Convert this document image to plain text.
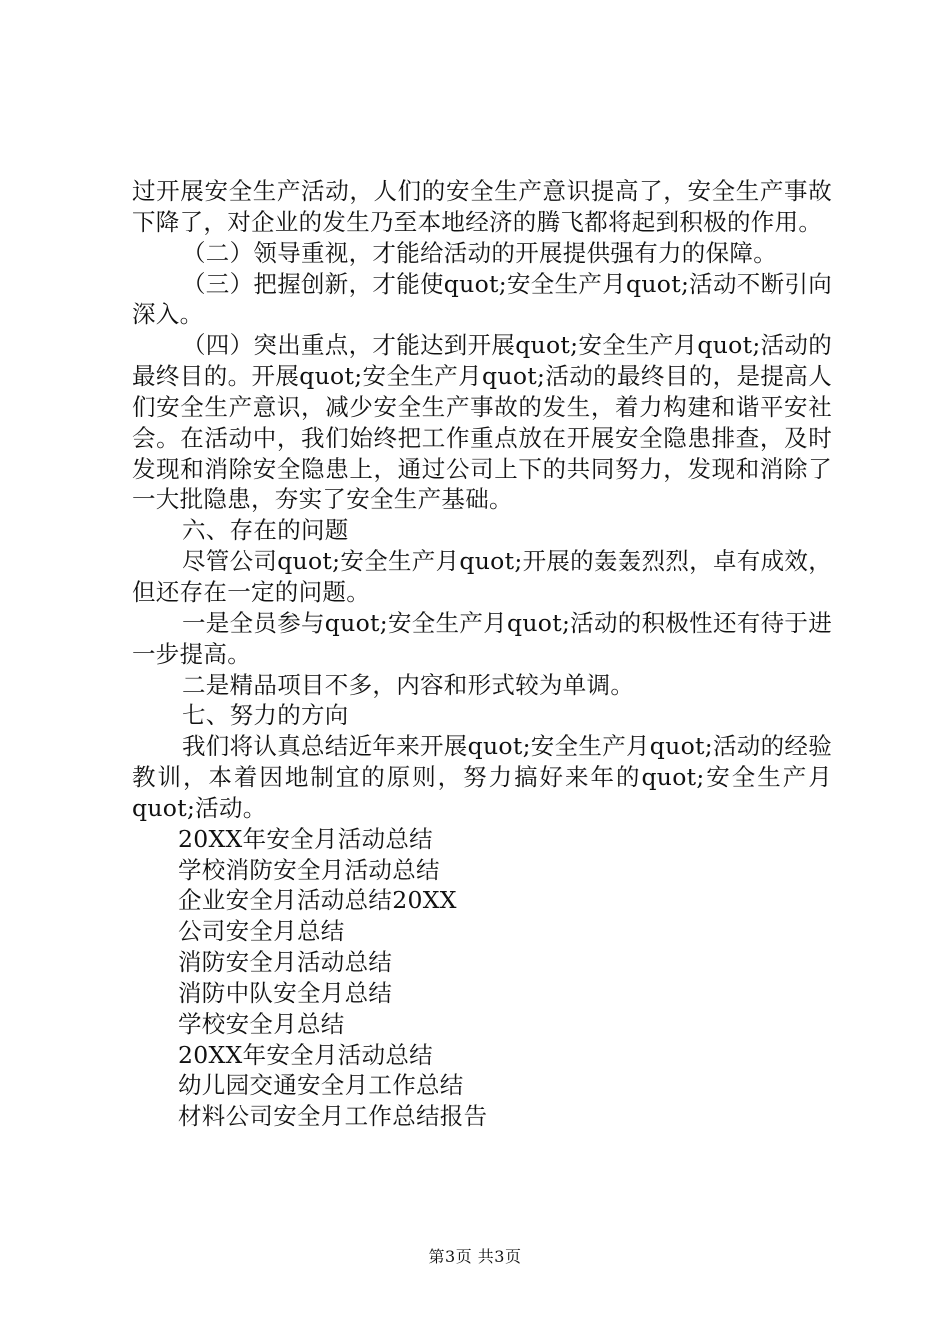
过开展安全生产活动，人们的安全生产意识提高了，安全生产事故下降了，对企业的发生乃至本地经济的腾飞都将起到积极的作用。

（二）领导重视，才能给活动的开展提供强有力的保障。

（三）把握创新，才能使quot;安全生产月quot;活动不断引向深入。

（四）突出重点，才能达到开展quot;安全生产月quot;活动的最终目的。开展quot;安全生产月quot;活动的最终目的，是提高人们安全生产意识，减少安全生产事故的发生，着力构建和谐平安社会。在活动中，我们始终把工作重点放在开展安全隐患排查，及时发现和消除安全隐患上，通过公司上下的共同努力，发现和消除了一大批隐患，夯实了安全生产基础。

六、存在的问题

尽管公司quot;安全生产月quot;开展的轰轰烈烈，卓有成效，但还存在一定的问题。

一是全员参与quot;安全生产月quot;活动的积极性还有待于进一步提高。

二是精品项目不多，内容和形式较为单调。

七、努力的方向

我们将认真总结近年来开展quot;安全生产月quot;活动的经验教训，本着因地制宜的原则，努力搞好来年的quot;安全生产月quot;活动。

20XX年安全月活动总结

学校消防安全月活动总结

企业安全月活动总结20XX

公司安全月总结

消防安全月活动总结

消防中队安全月总结

学校安全月总结

20XX年安全月活动总结

幼儿园交通安全月工作总结

材料公司安全月工作总结报告

第3页 共3页
